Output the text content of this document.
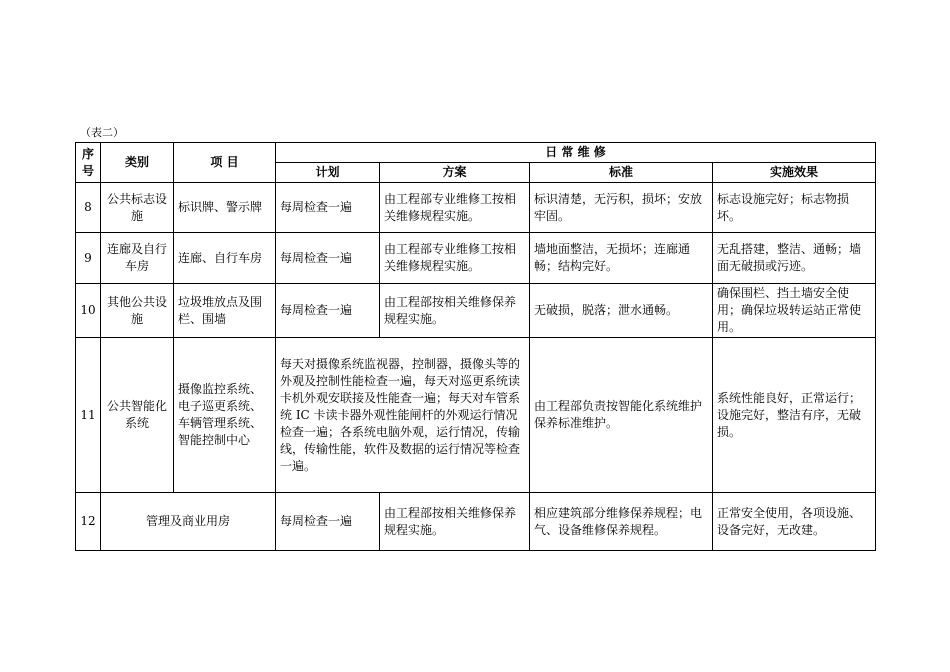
（表二）
序号	类别	项 目	日 常 维 修			
			计划	方案	标准	实施效果
8	公共标志设施	标识牌、警示牌	每周检查一遍	由工程部专业维修工按相关维修规程实施。	标识清楚，无污积，损坏；安放牢固。	标志设施完好；标志物损坏。
9	连廊及自行车房	连廊、自行车房	每周检查一遍	由工程部专业维修工按相关维修规程实施。	墙地面整洁，无损坏；连廊通畅；结构完好。	无乱搭建，整洁、通畅；墙面无破损或污迹。
10	其他公共设施	垃圾堆放点及围栏、围墙	每周检查一遍	由工程部按相关维修保养规程实施。	无破损，脱落；泄水通畅。	确保围栏、挡土墙安全使用；确保垃圾转运站正常使用。
11	公共智能化系统	摄像监控系统、电子巡更系统、车辆管理系统、智能控制中心	每天对摄像系统监视器，控制器，摄像头等的外观及控制性能检查一遍，每天对巡更系统读卡机外观安联接及性能查一遍；每天对车管系统 IC 卡读卡器外观性能闸杆的外观运行情况检查一遍；各系统电脑外观，运行情况，传输线，传输性能，软件及数据的运行情况等检查一遍。		由工程部负责按智能化系统维护保养标准维护。	系统性能良好，正常运行；设施完好，整洁有序，无破损。
12	管理及商业用房		每周检查一遍	由工程部按相关维修保养规程实施。	相应建筑部分维修保养规程；电气、设备维修保养规程。	正常安全使用，各项设施、设备完好，无改建。
